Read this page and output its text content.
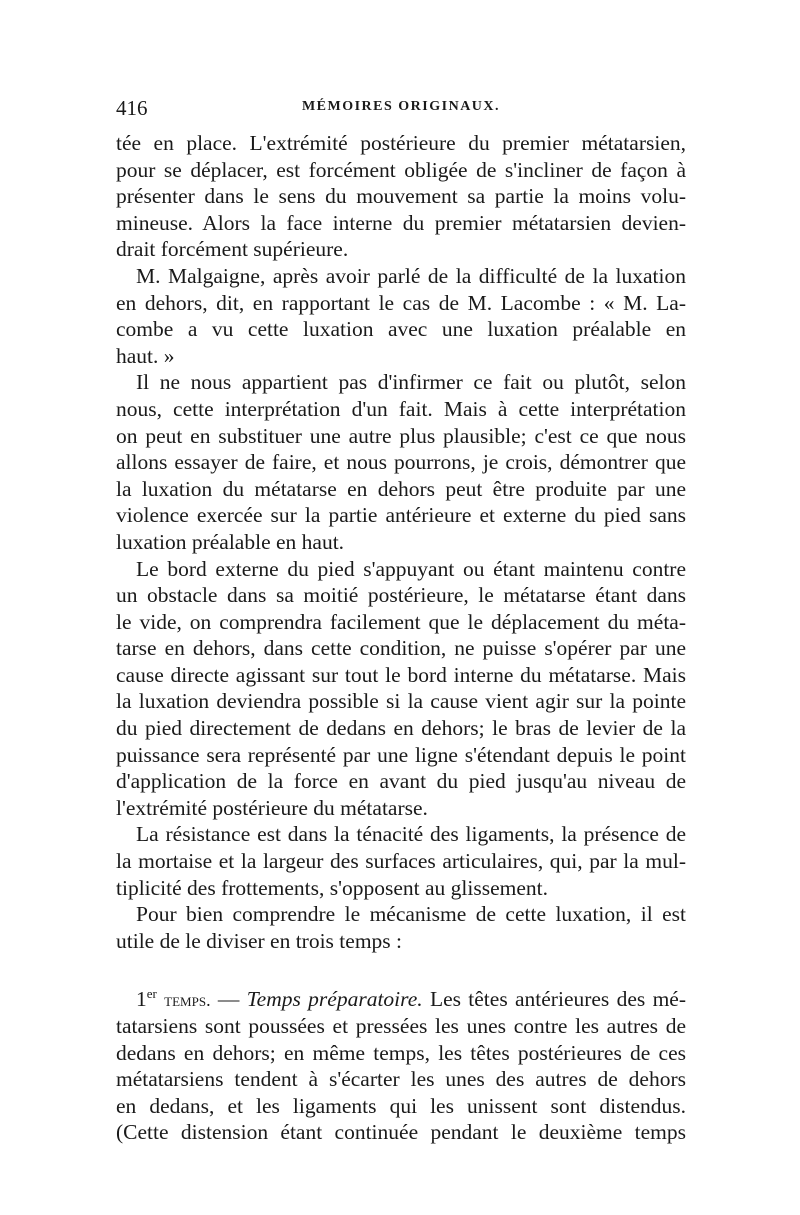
416	MÉMOIRES ORIGINAUX.
tée en place. L'extrémité postérieure du premier métatarsien,
pour se déplacer, est forcément obligée de s'incliner de façon à
présenter dans le sens du mouvement sa partie la moins volu-
mineuse. Alors la face interne du premier métatarsien devien-
drait forcément supérieure.
M. Malgaigne, après avoir parlé de la difficulté de la luxation
en dehors, dit, en rapportant le cas de M. Lacombe : « M. La-
combe a vu cette luxation avec une luxation préalable en
haut. »
Il ne nous appartient pas d'infirmer ce fait ou plutôt, selon
nous, cette interprétation d'un fait. Mais à cette interprétation
on peut en substituer une autre plus plausible; c'est ce que nous
allons essayer de faire, et nous pourrons, je crois, démontrer que
la luxation du métatarse en dehors peut être produite par une
violence exercée sur la partie antérieure et externe du pied sans
luxation préalable en haut.
Le bord externe du pied s'appuyant ou étant maintenu contre
un obstacle dans sa moitié postérieure, le métatarse étant dans
le vide, on comprendra facilement que le déplacement du méta-
tarse en dehors, dans cette condition, ne puisse s'opérer par une
cause directe agissant sur tout le bord interne du métatarse. Mais
la luxation deviendra possible si la cause vient agir sur la pointe
du pied directement de dedans en dehors; le bras de levier de la
puissance sera représenté par une ligne s'étendant depuis le point
d'application de la force en avant du pied jusqu'au niveau de
l'extrémité postérieure du métatarse.
La résistance est dans la ténacité des ligaments, la présence de
la mortaise et la largeur des surfaces articulaires, qui, par la mul-
tiplicité des frottements, s'opposent au glissement.
Pour bien comprendre le mécanisme de cette luxation, il est
utile de le diviser en trois temps :
1er temps. — Temps préparatoire. Les têtes antérieures des mé-
tatarsiens sont poussées et pressées les unes contre les autres de
dedans en dehors; en même temps, les têtes postérieures de ces
métatarsiens tendent à s'écarter les unes des autres de dehors
en dedans, et les ligaments qui les unissent sont distendus.
(Cette distension étant continuée pendant le deuxième temps
